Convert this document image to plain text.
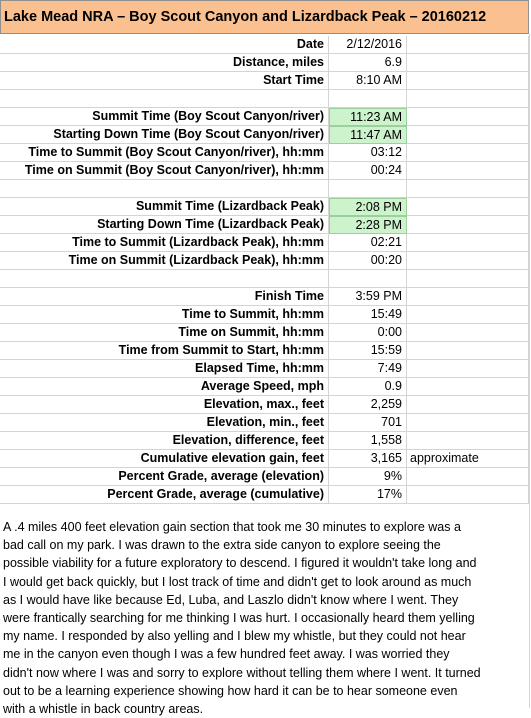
Lake Mead NRA – Boy Scout Canyon and Lizardback Peak – 20160212
Date	2/12/2016
Distance, miles	6.9
Start Time	8:10 AM
Summit Time (Boy Scout Canyon/river)	11:23 AM
Starting Down Time (Boy Scout Canyon/river)	11:47 AM
Time to Summit (Boy Scout Canyon/river), hh:mm	03:12
Time on Summit (Boy Scout Canyon/river), hh:mm	00:24
Summit Time (Lizardback Peak)	2:08 PM
Starting Down Time (Lizardback Peak)	2:28 PM
Time to Summit (Lizardback Peak), hh:mm	02:21
Time on Summit (Lizardback Peak), hh:mm	00:20
Finish Time	3:59 PM
Time to Summit, hh:mm	15:49
Time on Summit, hh:mm	0:00
Time from Summit to Start, hh:mm	15:59
Elapsed Time, hh:mm	7:49
Average Speed, mph	0.9
Elevation, max., feet	2,259
Elevation, min., feet	701
Elevation, difference, feet	1,558
Cumulative elevation gain, feet	3,165 approximate
Percent Grade, average (elevation)	9%
Percent Grade, average (cumulative)	17%
A .4 miles 400 feet elevation gain section that took me 30 minutes to explore was a bad call on my park. I was drawn to the extra side canyon to explore seeing the possible viability for a future exploratory to descend. I figured it wouldn't take long and I would get back quickly, but I lost track of time and didn't get to look around as much as I would have like because Ed, Luba, and Laszlo didn't know where I went. They were frantically searching for me thinking I was hurt. I occasionally heard them yelling my name. I responded by also yelling and I blew my whistle, but they could not hear me in the canyon even though I was a few hundred feet away. I was worried they didn't now where I was and sorry to explore without telling them where I went. It turned out to be a learning experience showing how hard it can be to hear someone even with a whistle in back country areas.
